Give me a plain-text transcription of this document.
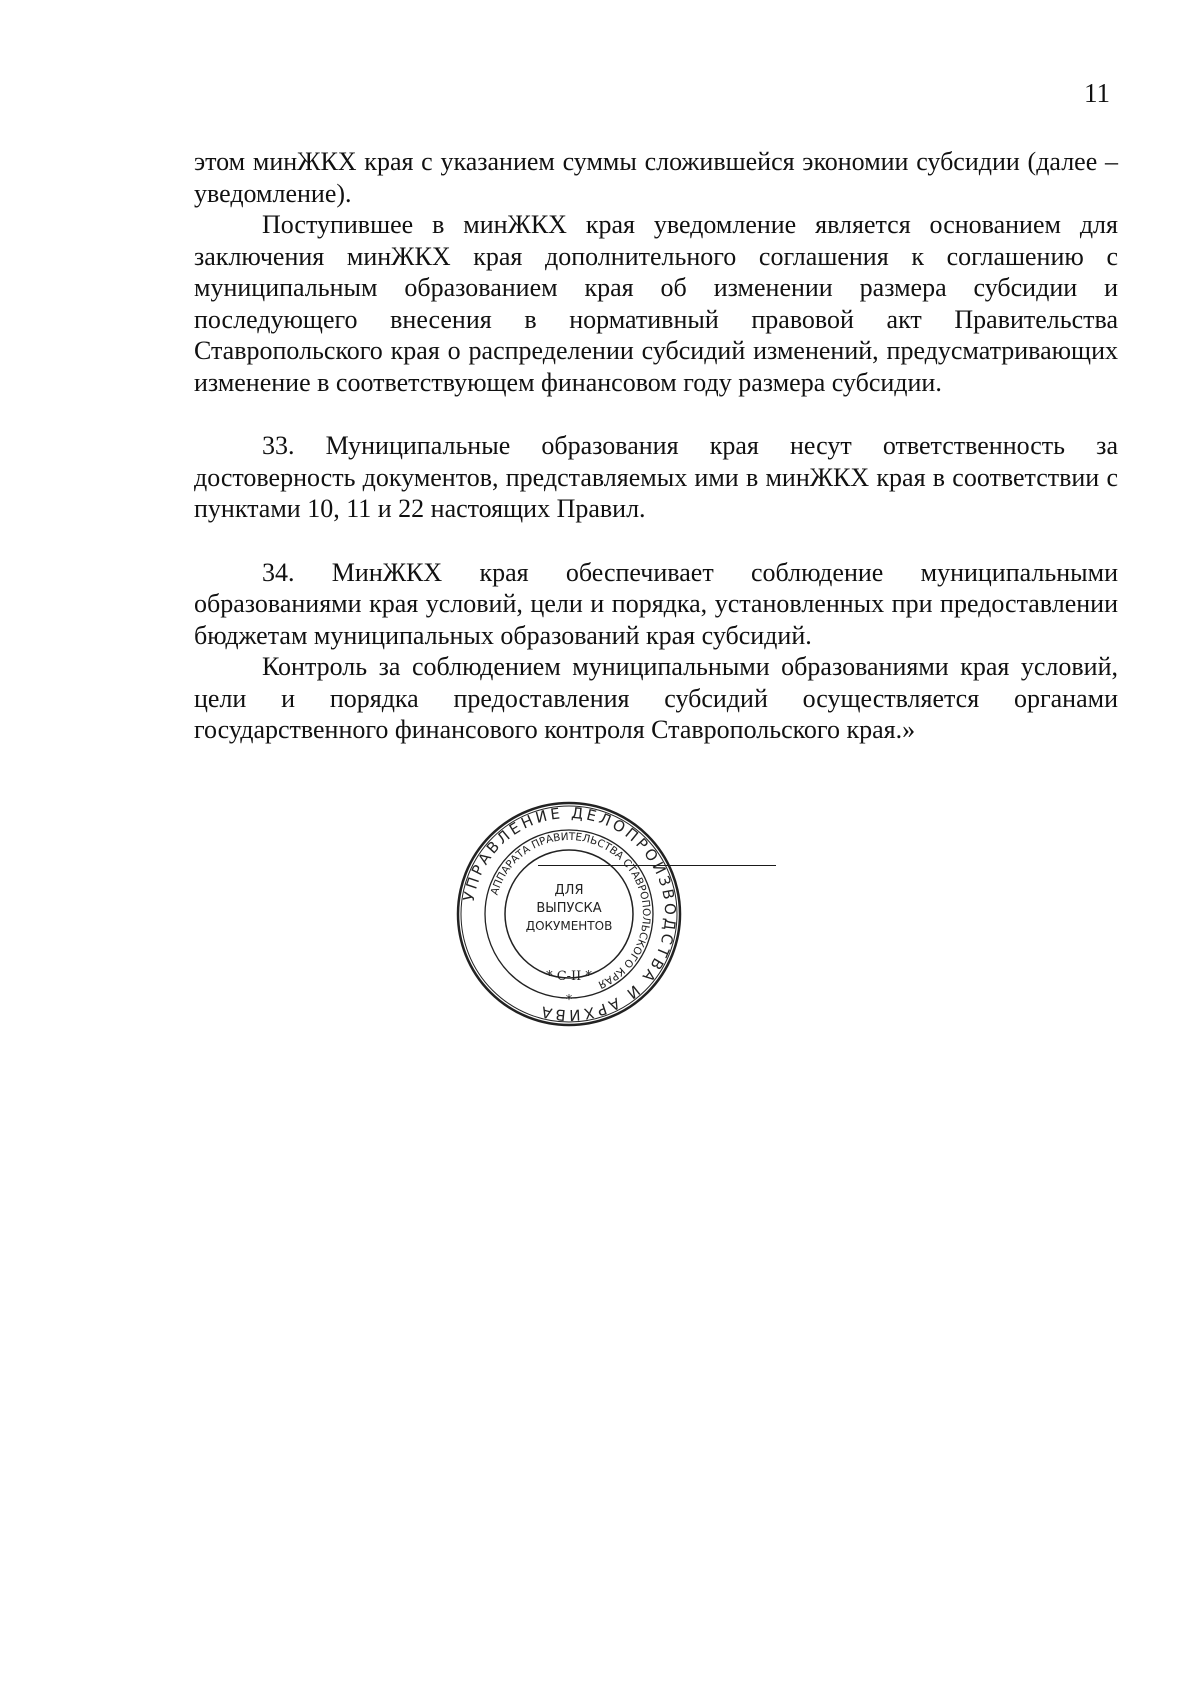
11

этом минЖКХ края с указанием суммы сложившейся экономии субсидии (далее – уведомление).

Поступившее в минЖКХ края уведомление является основанием для заключения минЖКХ края дополнительного соглашения к соглашению с муниципальным образованием края об изменении размера субсидии и последующего внесения в нормативный правовой акт Правительства Ставропольского края о распределении субсидий изменений, предусматривающих изменение в соответствующем финансовом году размера субсидии.

33. Муниципальные образования края несут ответственность за достоверность документов, представляемых ими в минЖКХ края в соответствии с пунктами 10, 11 и 22 настоящих Правил.

34. МинЖКХ края обеспечивает соблюдение муниципальными образованиями края условий, цели и порядка, установленных при предоставлении бюджетам муниципальных образований края субсидий.

Контроль за соблюдением муниципальными образованиями края условий, цели и порядка предоставления субсидий осуществляется органами государственного финансового контроля Ставропольского края.»

УПРАВЛЕНИЕ ДЕЛОПРОИЗВОДСТВА И АРХИВА
АППАРАТА ПРАВИТЕЛЬСТВА СТАВРОПОЛЬСКОГО КРАЯ
ДЛЯ
ВЫПУСКА
ДОКУМЕНТОВ
* С-II *
*
